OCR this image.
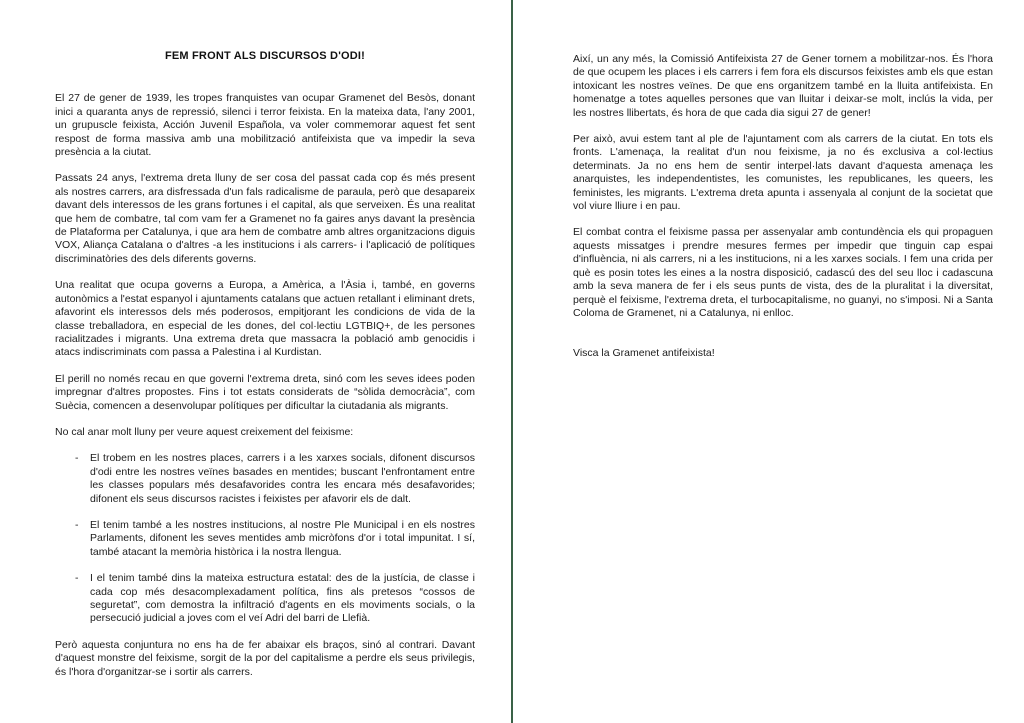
FEM FRONT ALS DISCURSOS D'ODI!

El 27 de gener de 1939, les tropes franquistes van ocupar Gramenet del Besòs, donant inici a quaranta anys de repressió, silenci i terror feixista. En la mateixa data, l'any 2001, un grupuscle feixista, Acción Juvenil Española, va voler commemorar aquest fet sent respost de forma massiva amb una mobilització antifeixista que va impedir la seva presència a la ciutat.

Passats 24 anys, l'extrema dreta lluny de ser cosa del passat cada cop és més present als nostres carrers, ara disfressada d'un fals radicalisme de paraula, però que desapareix davant dels interessos de les grans fortunes i el capital, als que serveixen. És una realitat que hem de combatre, tal com vam fer a Gramenet no fa gaires anys davant la presència de Plataforma per Catalunya, i que ara hem de combatre amb altres organitzacions diguis VOX, Aliança Catalana o d'altres -a les institucions i als carrers- i l'aplicació de polítiques discriminatòries des dels diferents governs.

Una realitat que ocupa governs a Europa, a Amèrica, a l'Àsia i, també, en governs autonòmics a l'estat espanyol i ajuntaments catalans que actuen retallant i eliminant drets, afavorint els interessos dels més poderosos, empitjorant les condicions de vida de la classe treballadora, en especial de les dones, del col·lectiu LGTBIQ+, de les persones racialitzades i migrants. Una extrema dreta que massacra la població amb genocidis i atacs indiscriminats com passa a Palestina i al Kurdistan.

El perill no només recau en que governi l'extrema dreta, sinó com les seves idees poden impregnar d'altres propostes. Fins i tot estats considerats de “sòlida democràcia”, com Suècia, comencen a desenvolupar polítiques per dificultar la ciutadania als migrants.

No cal anar molt lluny per veure aquest creixement del feixisme:

-	El trobem en les nostres places, carrers i a les xarxes socials, difonent discursos d'odi entre les nostres veïnes basades en mentides; buscant l'enfrontament entre les classes populars més desafavorides contra les encara més desafavorides; difonent els seus discursos racistes i feixistes per afavorir els de dalt.
-	El tenim també a les nostres institucions, al nostre Ple Municipal i en els nostres Parlaments, difonent les seves mentides amb micròfons d'or i total impunitat. I sí, també atacant la memòria històrica i la nostra llengua.
-	I el tenim també dins la mateixa estructura estatal: des de la justícia, de classe i cada cop més desacomplexadament política, fins als pretesos “cossos de seguretat”, com demostra la infiltració d'agents en els moviments socials, o la persecució judicial a joves com el veí Adri del barri de Llefià.

Però aquesta conjuntura no ens ha de fer abaixar els braços, sinó al contrari. Davant d'aquest monstre del feixisme, sorgit de la por del capitalisme a perdre els seus privilegis, és l'hora d'organitzar-se i sortir als carrers.

Així, un any més, la Comissió Antifeixista 27 de Gener tornem a mobilitzar-nos. És l'hora de que ocupem les places i els carrers i fem fora els discursos feixistes amb els que estan intoxicant les nostres veïnes. De que ens organitzem també en la lluita antifeixista. En homenatge a totes aquelles persones que van lluitar i deixar-se molt, inclús la vida, per les nostres llibertats, és hora de que cada dia sigui 27 de gener!

Per això, avui estem tant al ple de l'ajuntament com als carrers de la ciutat. En tots els fronts. L'amenaça, la realitat d'un nou feixisme, ja no és exclusiva a col·lectius determinats. Ja no ens hem de sentir interpel·lats davant d'aquesta amenaça les anarquistes, les independentistes, les comunistes, les republicanes, les queers, les feministes, les migrants. L'extrema dreta apunta i assenyala al conjunt de la societat que vol viure lliure i en pau.

El combat contra el feixisme passa per assenyalar amb contundència els qui propaguen aquests missatges i prendre mesures fermes per impedir que tinguin cap espai d'influència, ni als carrers, ni a les institucions, ni a les xarxes socials. I fem una crida per què es posin totes les eines a la nostra disposició, cadascú des del seu lloc i cadascuna amb la seva manera de fer i els seus punts de vista, des de la pluralitat i la diversitat, perquè el feixisme, l'extrema dreta, el turbocapitalisme, no guanyi, no s'imposi. Ni a Santa Coloma de Gramenet, ni a Catalunya, ni enlloc.

Visca la Gramenet antifeixista!
